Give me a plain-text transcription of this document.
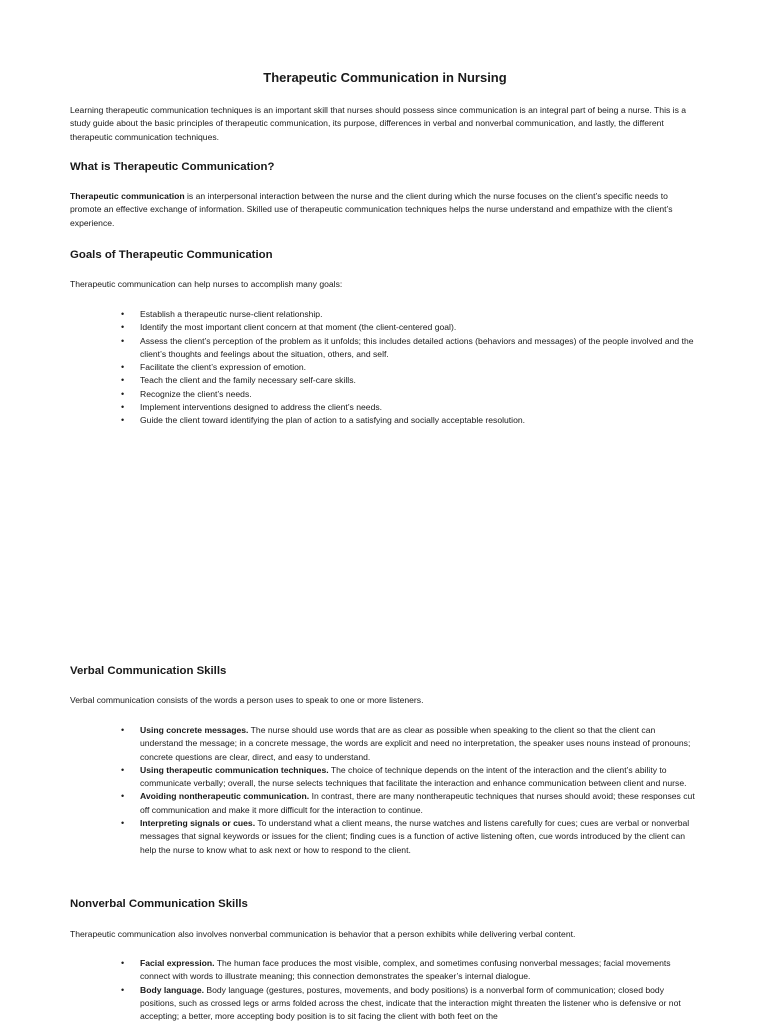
Therapeutic Communication in Nursing

Learning therapeutic communication techniques is an important skill that nurses should possess since communication is an integral part of being a nurse. This is a study guide about the basic principles of therapeutic communication, its purpose, differences in verbal and nonverbal communication, and lastly, the different therapeutic communication techniques.

What is Therapeutic Communication?

Therapeutic communication is an interpersonal interaction between the nurse and the client during which the nurse focuses on the client’s specific needs to promote an effective exchange of information. Skilled use of therapeutic communication techniques helps the nurse understand and empathize with the client’s experience.

Goals of Therapeutic Communication

Therapeutic communication can help nurses to accomplish many goals:

• Establish a therapeutic nurse-client relationship.
• Identify the most important client concern at that moment (the client-centered goal).
• Assess the client’s perception of the problem as it unfolds; this includes detailed actions (behaviors and messages) of the people involved and the client’s thoughts and feelings about the situation, others, and self.
• Facilitate the client’s expression of emotion.
• Teach the client and the family necessary self-care skills.
• Recognize the client’s needs.
• Implement interventions designed to address the client’s needs.
• Guide the client toward identifying the plan of action to a satisfying and socially acceptable resolution.
Verbal Communication Skills

Verbal communication consists of the words a person uses to speak to one or more listeners.

• Using concrete messages. The nurse should use words that are as clear as possible when speaking to the client so that the client can understand the message; in a concrete message, the words are explicit and need no interpretation, the speaker uses nouns instead of pronouns; concrete questions are clear, direct, and easy to understand.
• Using therapeutic communication techniques. The choice of technique depends on the intent of the interaction and the client’s ability to communicate verbally; overall, the nurse selects techniques that facilitate the interaction and enhance communication between client and nurse.
• Avoiding nontherapeutic communication. In contrast, there are many nontherapeutic techniques that nurses should avoid; these responses cut off communication and make it more difficult for the interaction to continue.
• Interpreting signals or cues. To understand what a client means, the nurse watches and listens carefully for cues; cues are verbal or nonverbal messages that signal keywords or issues for the client; finding cues is a function of active listening often, cue words introduced by the client can help the nurse to know what to ask next or how to respond to the client.
Nonverbal Communication Skills

Therapeutic communication also involves nonverbal communication is behavior that a person exhibits while delivering verbal content.

• Facial expression. The human face produces the most visible, complex, and sometimes confusing nonverbal messages; facial movements connect with words to illustrate meaning; this connection demonstrates the speaker’s internal dialogue.
• Body language. Body language (gestures, postures, movements, and body positions) is a nonverbal form of communication; closed body positions, such as crossed legs or arms folded across the chest, indicate that the interaction might threaten the listener who is defensive or not accepting; a better, more accepting body position is to sit facing the client with both feet on the
